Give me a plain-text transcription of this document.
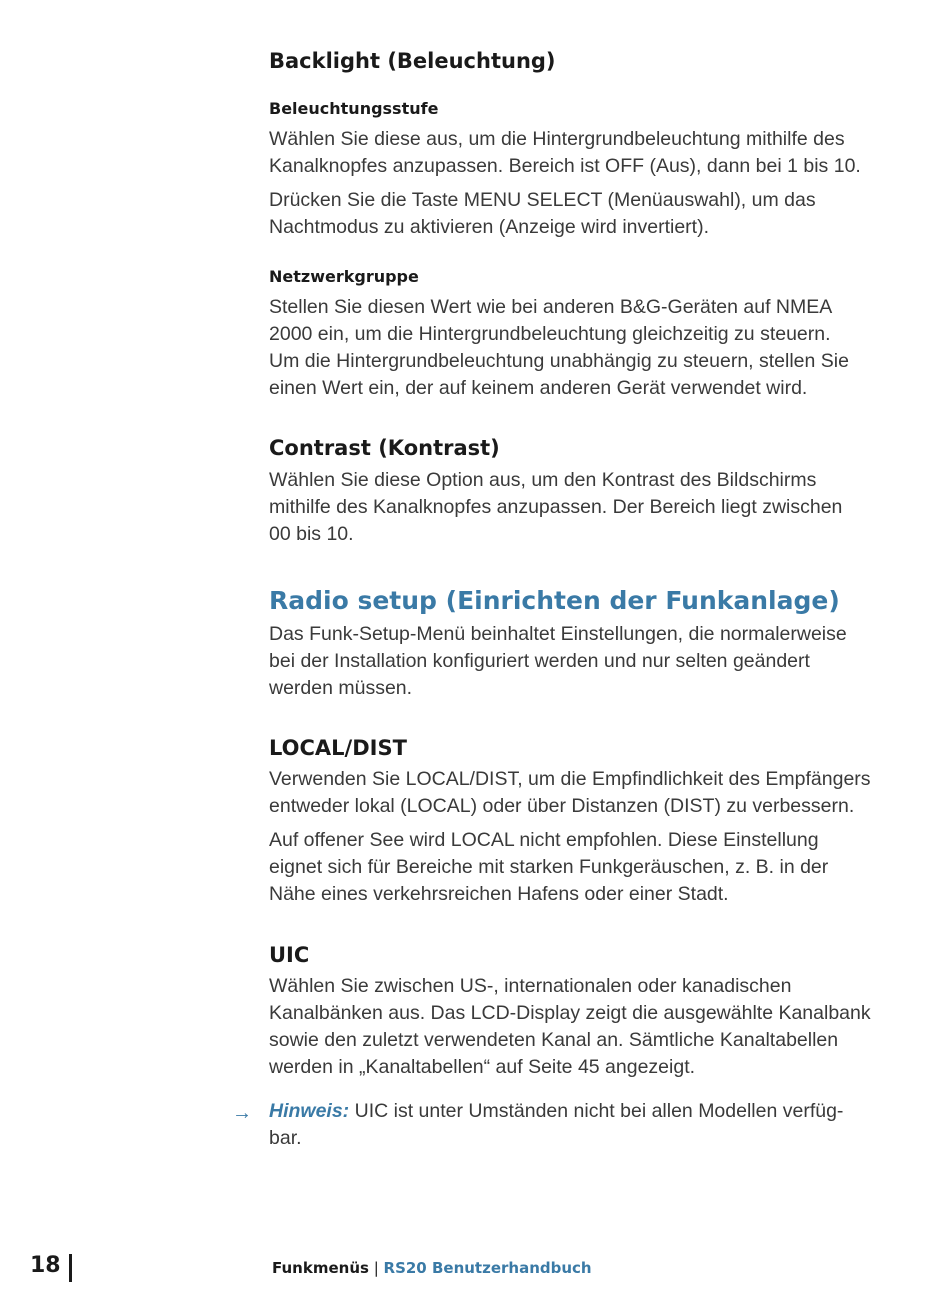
Backlight (Beleuchtung)
Beleuchtungsstufe

Wählen Sie diese aus, um die Hintergrundbeleuchtung mithilfe des

Kanalknopfes anzupassen. Bereich ist OFF (Aus), dann bei 1 bis 10.

Drücken Sie die Taste MENU SELECT (Menüauswahl), um das

Nachtmodus zu aktivieren (Anzeige wird invertiert).

Netzwerkgruppe

Stellen Sie diesen Wert wie bei anderen B&G-Geräten auf NMEA

2000 ein, um die Hintergrundbeleuchtung gleichzeitig zu steuern.

Um die Hintergrundbeleuchtung unabhängig zu steuern, stellen Sie

einen Wert ein, der auf keinem anderen Gerät verwendet wird.

Contrast (Kontrast)

Wählen Sie diese Option aus, um den Kontrast des Bildschirms

mithilfe des Kanalknopfes anzupassen. Der Bereich liegt zwischen

00 bis 10.

Radio setup (Einrichten der Funkanlage)

Das Funk-Setup-Menü beinhaltet Einstellungen, die normalerweise

bei der Installation konfiguriert werden und nur selten geändert

werden müssen.

LOCAL/DIST

Verwenden Sie LOCAL/DIST, um die Empfindlichkeit des Empfängers

entweder lokal (LOCAL) oder über Distanzen (DIST) zu verbessern.

Auf offener See wird LOCAL nicht empfohlen. Diese Einstellung

eignet sich für Bereiche mit starken Funkgeräuschen, z. B. in der

Nähe eines verkehrsreichen Hafens oder einer Stadt.

UIC

Wählen Sie zwischen US-, internationalen oder kanadischen

Kanalbänken aus. Das LCD-Display zeigt die ausgewählte Kanalbank

sowie den zuletzt verwendeten Kanal an. Sämtliche Kanaltabellen

werden in „Kanaltabellen“ auf Seite 45 angezeigt.

→ Hinweis: UIC ist unter Umständen nicht bei allen Modellen verfüg-
bar.
18	Funkmenüs | RS20 Benutzerhandbuch
